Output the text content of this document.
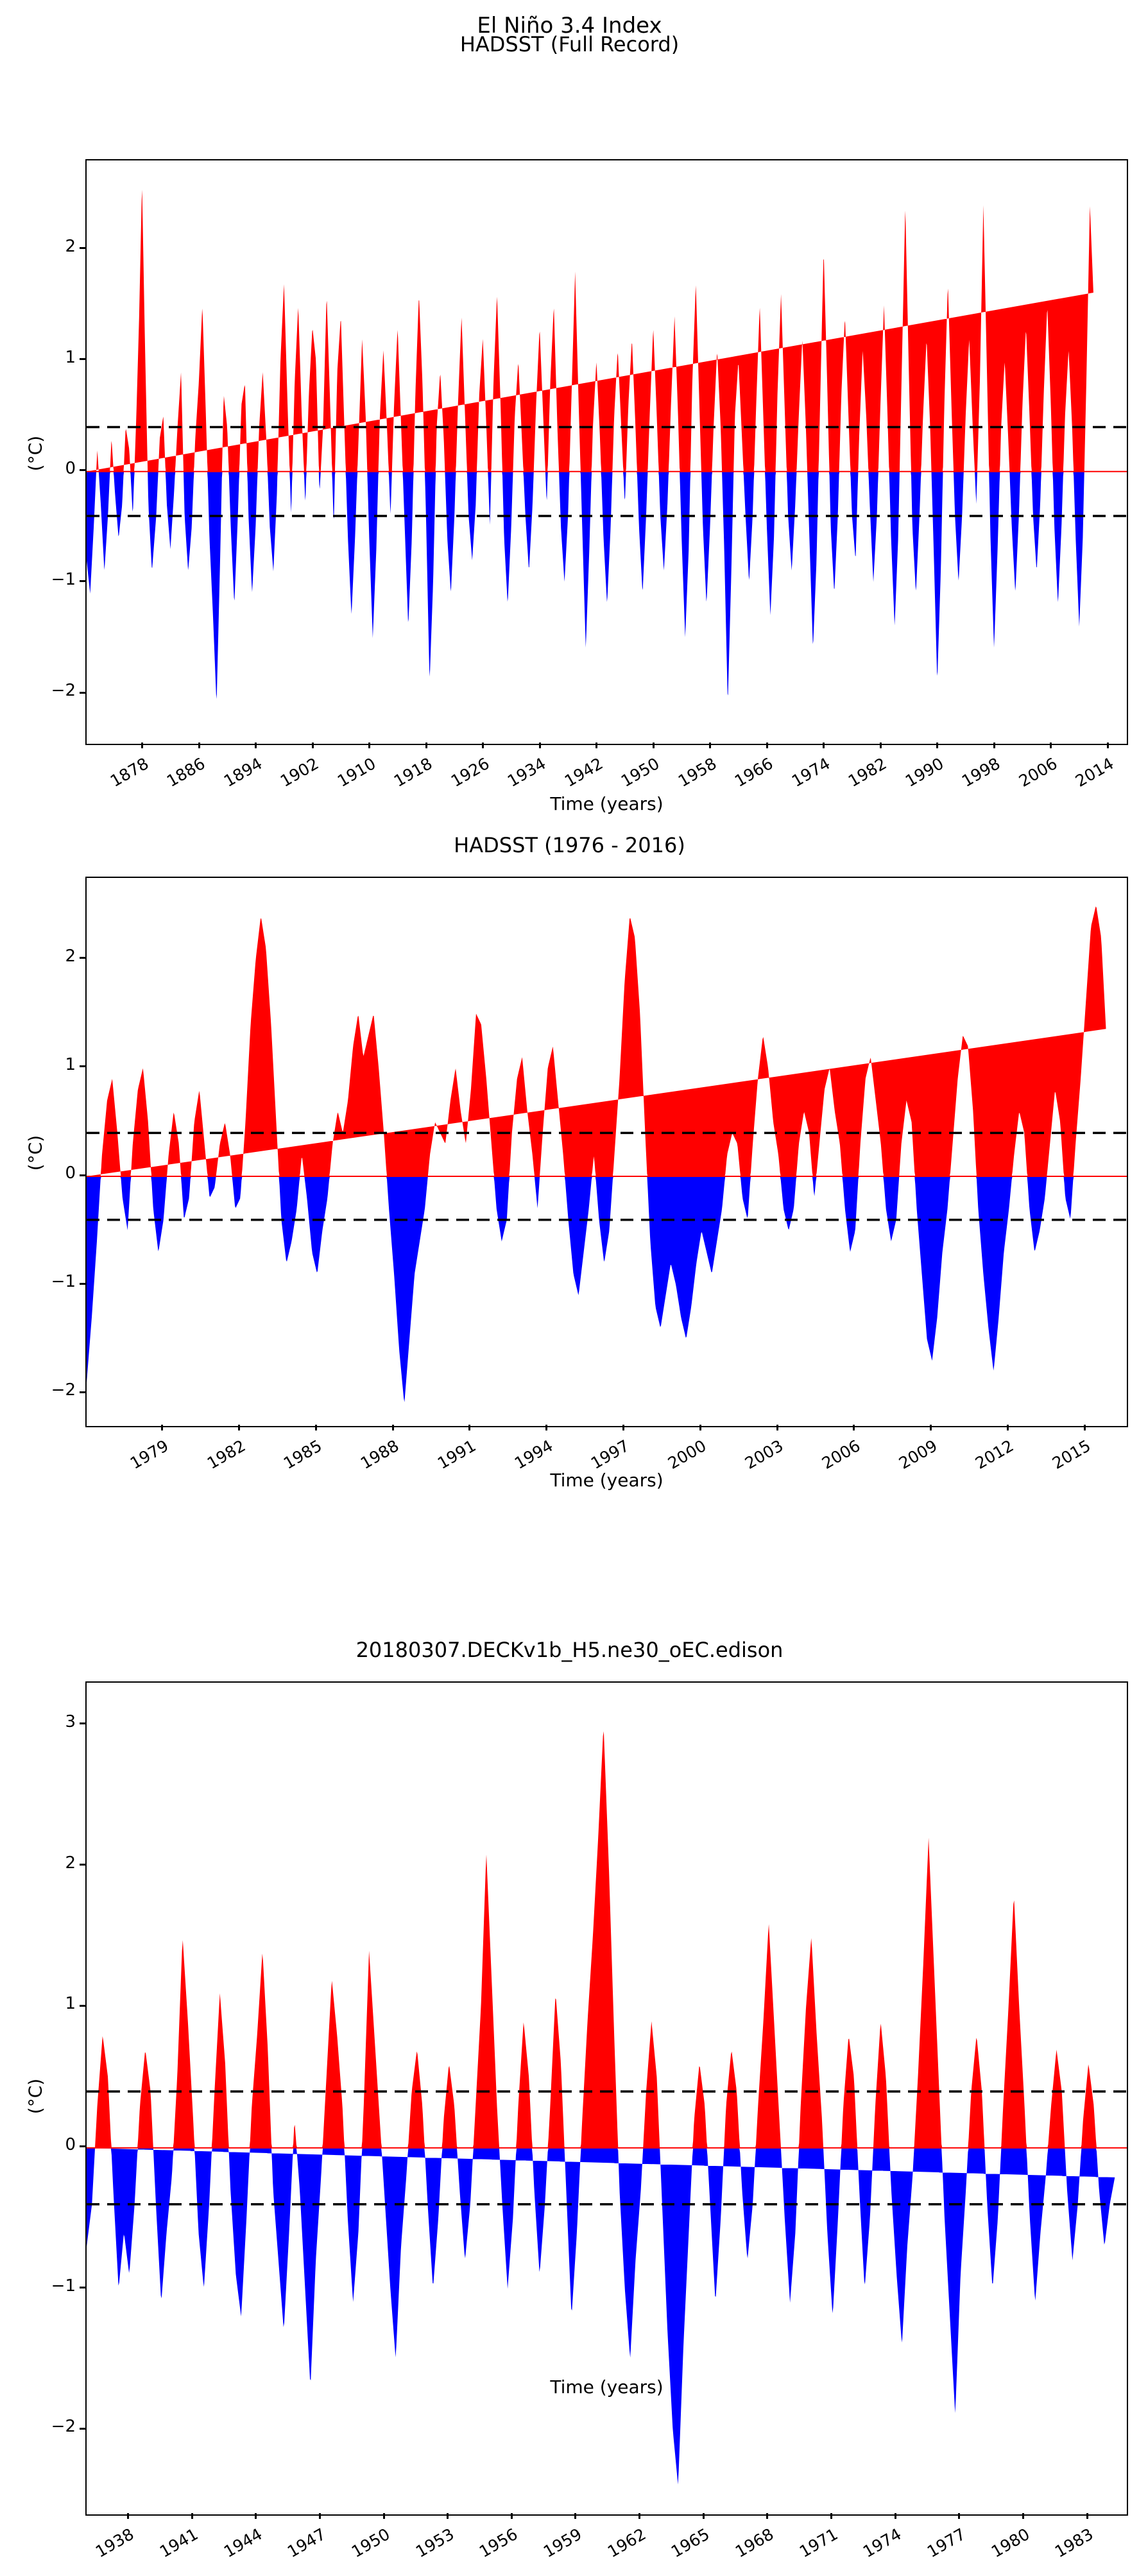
El Niño 3.4 Index
HADSST (Full Record)
(°C)
Time (years)
−2
−1
0
1
2
1878 1886 1894 1902 1910 1918 1926 1934 1942 1950 1958 1966 1974 1982 1990 1998 2006 2014
HADSST (1976 - 2016)
(°C)
Time (years)
−2
−1
0
1
2
1979	1982	1985	1988	1991	1994	1997	2000	2003	2006	2009	2012	2015
20180307.DECKv1b_H5.ne30_oEC.edison
(°C)
Time (years)
−2
−1
0
1
2
3
1938	1941	1944	1947	1950	1953	1956	1959	1962	1965	1968	1971	1974	1977	1980	1983
